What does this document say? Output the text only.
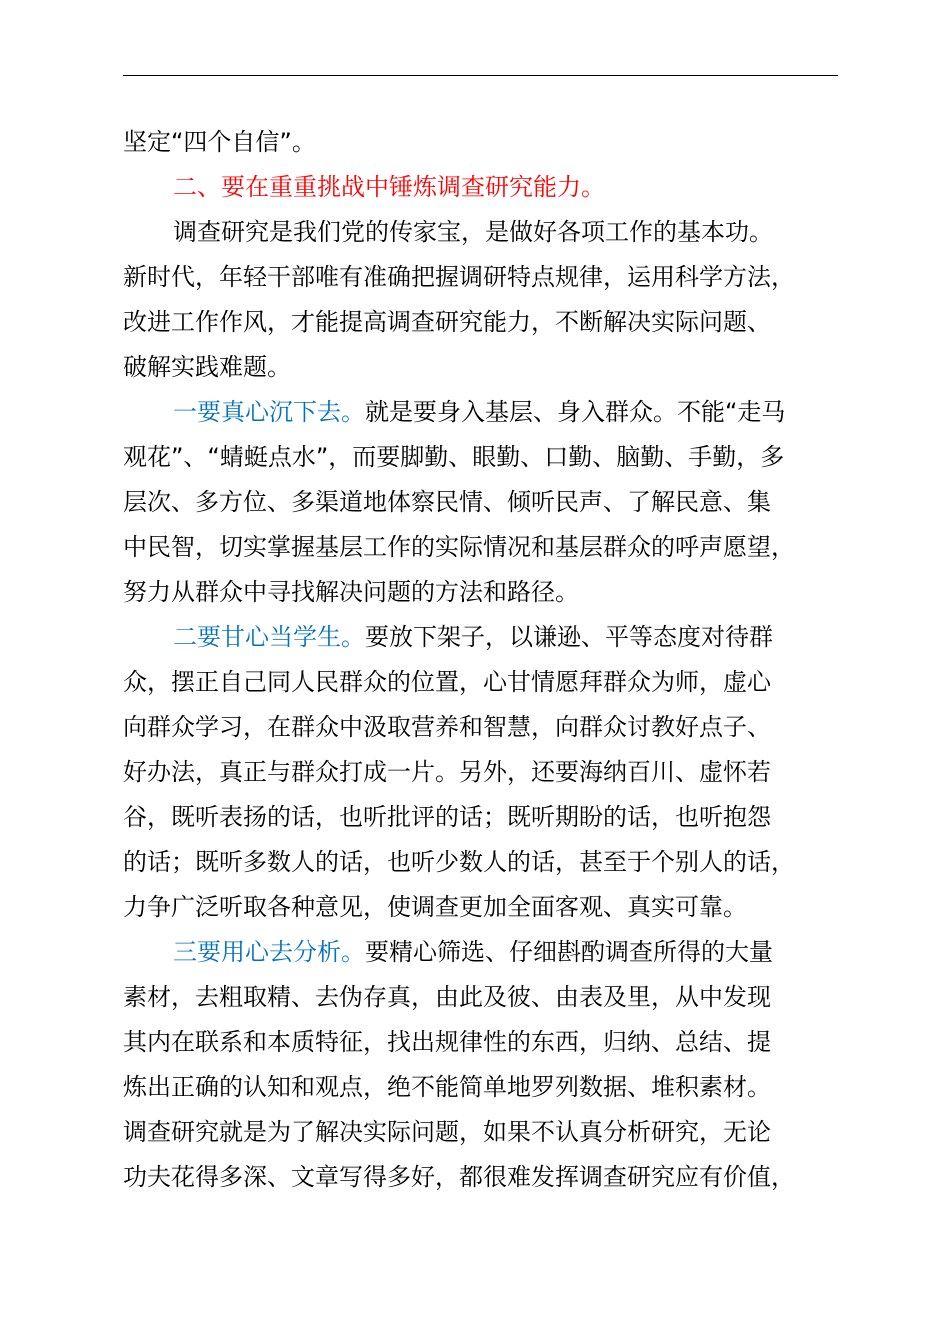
坚定“四个自信”。
二、要在重重挑战中锤炼调查研究能力。
调查研究是我们党的传家宝，是做好各项工作的基本功。
新时代，年轻干部唯有准确把握调研特点规律，运用科学方法，
改进工作作风，才能提高调查研究能力，不断解决实际问题、
破解实践难题。
一要真心沉下去。就是要身入基层、身入群众。不能“走马
观花”、“蜻蜓点水”，而要脚勤、眼勤、口勤、脑勤、手勤，多
层次、多方位、多渠道地体察民情、倾听民声、了解民意、集
中民智，切实掌握基层工作的实际情况和基层群众的呼声愿望，
努力从群众中寻找解决问题的方法和路径。
二要甘心当学生。要放下架子，以谦逊、平等态度对待群
众，摆正自己同人民群众的位置，心甘情愿拜群众为师，虚心
向群众学习，在群众中汲取营养和智慧，向群众讨教好点子、
好办法，真正与群众打成一片。另外，还要海纳百川、虚怀若
谷，既听表扬的话，也听批评的话；既听期盼的话，也听抱怨
的话；既听多数人的话，也听少数人的话，甚至于个别人的话，
力争广泛听取各种意见，使调查更加全面客观、真实可靠。
三要用心去分析。要精心筛选、仔细斟酌调查所得的大量
素材，去粗取精、去伪存真，由此及彼、由表及里，从中发现
其内在联系和本质特征，找出规律性的东西，归纳、总结、提
炼出正确的认知和观点，绝不能简单地罗列数据、堆积素材。
调查研究就是为了解决实际问题，如果不认真分析研究，无论
功夫花得多深、文章写得多好，都很难发挥调查研究应有价值，
